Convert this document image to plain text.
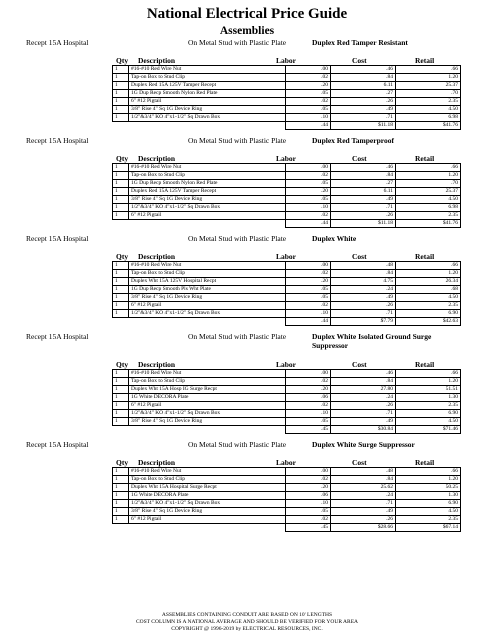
National Electrical Price Guide
Assemblies
Recept 15A Hospital	On Metal Stud with Plastic Plate	Duplex Red Tamper Resistant
Qty Description	Labor	Cost	Retail
1	#16-#10 Red Wire Nut	.00	.46	.66
1	Tap-on Box to Stud Clip	.02	.84	1.20
1	Duplex Red 15A 125V Tamper Recept	.20	6.11	25.37
1	1G Dup Recp Smooth Nylon Red Plate	.05	.27	.70
1	6" #12 Pigtail	.02	.26	2.35
1	3/8" Rise 4" Sq 1G Device Ring	.05	.49	4.50
1	1/2"&3/4" KO 4"x1-1/2" Sq Drawn Box	.10	.71	6.98
		.44	$11.18	$41.76
Recept 15A Hospital	On Metal Stud with Plastic Plate	Duplex Red Tamperproof
Qty Description	Labor	Cost	Retail
1	#16-#10 Red Wire Nut	.00	.46	.66
1	Tap-on Box to Stud Clip	.02	.84	1.20
1	1G Dup Recp Smooth Nylon Red Plate	.05	.27	.70
1	Duplex Red 15A 125V Tamper Recept	.20	6.11	25.37
1	3/8" Rise 4" Sq 1G Device Ring	.05	.49	4.50
1	1/2"&3/4" KO 4"x1-1/2" Sq Drawn Box	.10	.71	6.98
1	6" #12 Pigtail	.02	.26	2.35
		.44	$11.18	$41.76
Recept 15A Hospital	On Metal Stud with Plastic Plate	Duplex White
Qty Description	Labor	Cost	Retail
1	#16-#10 Red Wire Nut	.00	.48	.66
1	Tap-on Box to Stud Clip	.02	.84	1.20
1	Duplex Wht 15A 125V Hospital Recpt	.20	4.75	26.34
1	1G Dup Recp Smooth Pls Wht Plate	.05	.24	.68
1	3/8" Rise 4" Sq 1G Device Ring	.05	.49	4.50
1	6" #12 Pigtail	.02	.26	2.35
1	1/2"&3/4" KO 4"x1-1/2" Sq Drawn Box	.10	.71	6.90
		.44	$7.79	$42.63
Recept 15A Hospital	On Metal Stud with Plastic Plate	Duplex White Isolated Ground Surge Suppressor
Qty Description	Labor	Cost	Retail
1	#16-#10 Red Wire Nut	.00	.46	.66
1	Tap-on Box to Stud Clip	.02	.84	1.20
1	Duplex Wht 15A Hosp IG Surge Recpt	.20	27.80	51.51
1	1G White DECORA Plate	.06	.24	1.30
1	6" #12 Pigtail	.02	.26	2.35
1	1/2"&3/4" KO 4"x1-1/2" Sq Drawn Box	.10	.71	6.90
1	3/8" Rise 4" Sq 1G Device Ring	.05	.49	4.50
		.45	$30.84	$71.46
Recept 15A Hospital	On Metal Stud with Plastic Plate	Duplex White Surge Suppressor
Qty Description	Labor	Cost	Retail
1	#16-#10 Red Wire Nut	.00	.48	.66
1	Tap-on Box to Stud Clip	.02	.84	1.20
1	Duplex Wht 15A Hospital Surge Recpt	.20	25.62	50.25
1	1G White DECORA Plate	.06	.24	1.30
1	1/2"&3/4" KO 4"x1-1/2" Sq Drawn Box	.10	.71	6.90
1	3/8" Rise 4" Sq 1G Device Ring	.05	.49	4.50
1	6" #12 Pigtail	.02	.26	2.35
		.45	$28.66	$67.14
ASSEMBLIES CONTAINING CONDUIT ARE BASED ON 10' LENGTHS
COST COLUMN IS A NATIONAL AVERAGE AND SHOULD BE VERIFIED FOR YOUR AREA
COPYRIGHT @ 1996-2019 by ELECTRICAL RESOURCES, INC.
